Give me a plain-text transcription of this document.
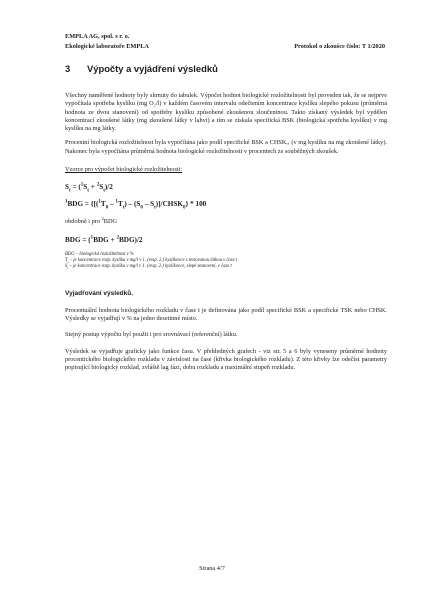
EMPLA AG, spol. s r. o.
Ekologické laboratoře EMPLA	Protokol o zkoušce číslo: T 1/2020
3 Výpočty a vyjádření výsledků

Všechny naměřené hodnoty byly shrnuty do tabulek. Výpočet hodnot biologické rozložitelnosti byl proveden tak, že se nejprve vypočítala spotřeba kyslíku (mg O₂/l) v každém časovém intervalu odečtením koncentrace kyslíku slepého pokusu (průměrná hodnota ze dvou stanovení) od spotřeby kyslíku způsobené zkoušenou sloučeninou. Takto získaný výsledek byl vydělen koncentrací zkoušené látky (mg zkoušené látky v lahvi) a tím se získala specifická BSK (biologická spotřeba kyslíku) v mg kyslíku na mg látky.

Procentní biologická rozložitelnost byla vypočítána jako podíl specifické BSK a CHSKₒᵣ (v mg kyslíku na mg zkoušené látky). Nakonec byla vypočítána průměrná hodnota biologické rozložitelnosti v procentech ze souběžných zkoušek.

Vzorce pro výpočet biologické rozložitelnosti:

$S_t = (^1S_t + ^2S_t)/2$

$^1BDG = \{[(^1T_0 - ^1T_t) - (S_0$ – $S_t)]/CHSK_0\} * 100$

obdobně i pro $^2$BDG

BDG = ($^1$BDG + $^2$BDG)/2

BDG – biologická rozložitelnost v %
$T_t$ – je koncentrace rozp. kyslíku v mg/l v 1. (resp. 2.) kyslíkovce s testovanou látkou v čase t
$S_t$ – je koncentrace rozp. kyslíku v mg/l v 1. (resp. 2.) kyslíkovce, slepé stanovení, v čase t

Vyjadřování výsledků.

Procentuální hodnota biologického rozkladu v čase t je definována jako podíl specifické BSK a specifické TSK nebo CHSK. Výsledky se vyjadřují v % na jedno desetinné místo.

Stejný postup výpočtu byl použit i pro srovnávací (referenční) látku.

Výsledek se vyjadřuje graficky jako funkce času. V přehledných grafech - viz str. 5 a 6 byly vyneseny průměrné hodnoty procentického biologického rozkladu v závislosti na čase (křivka biologického rozkladu). Z této křivky lze odečíst parametry popisující biologický rozklad, zvláště lag fázi, dobu rozkladu a maximální stupeň rozkladu.

Strana 4/7
